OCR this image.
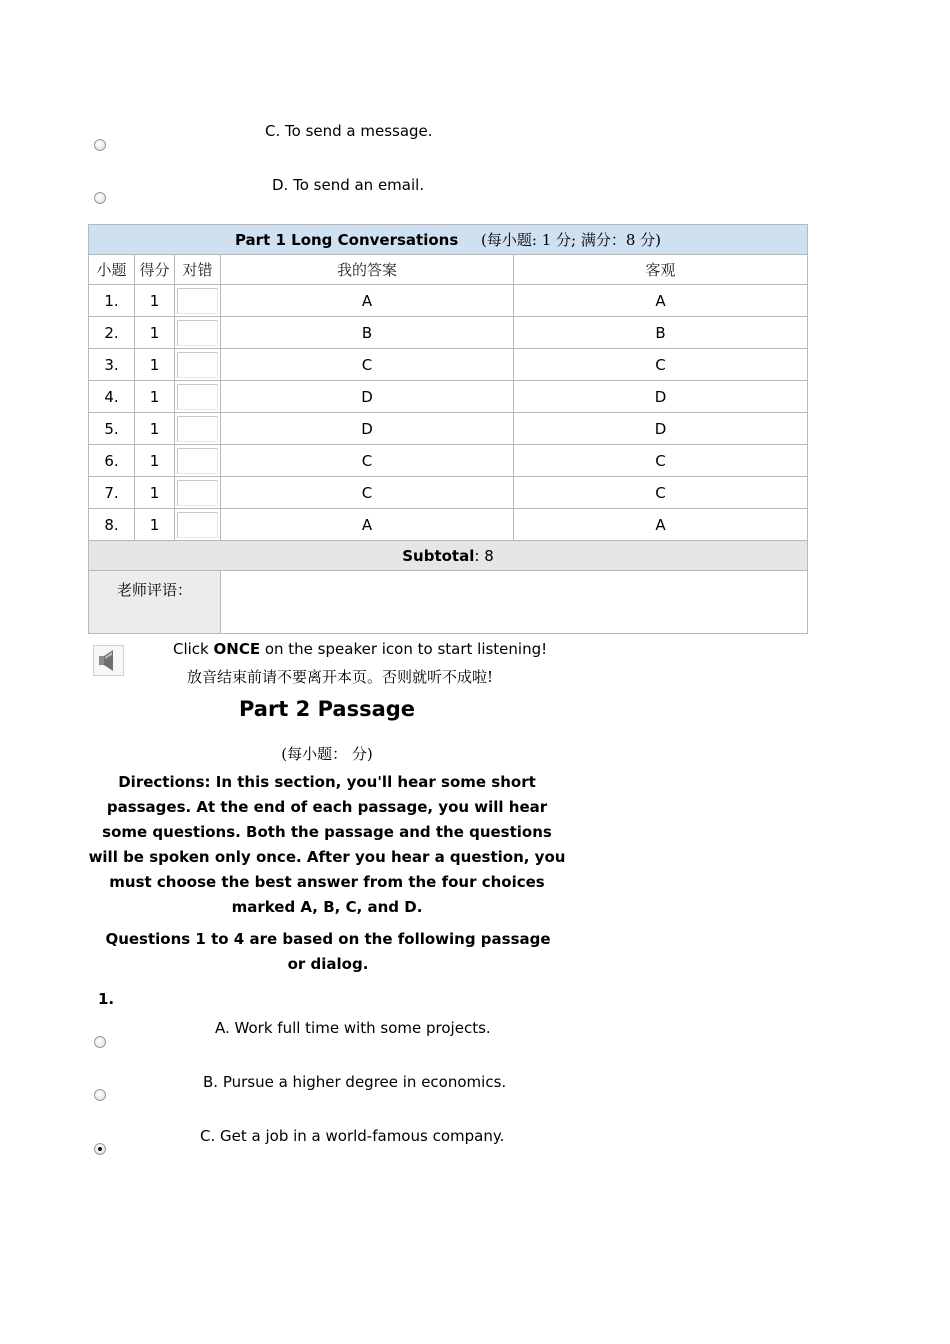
C. To send a message.
D. To send an email.
Part 1 Long Conversations (每小题: 1 分; 满分：8 分)				
小题	得分	对错	我的答案	客观
1.	1		A	A
2.	1		B	B
3.	1		C	C
4.	1		D	D
5.	1		D	D
6.	1		C	C
7.	1		C	C
8.	1		A	A
Subtotal: 8				
老师评语：				
Click ONCE on the speaker icon to start listening!
放音结束前请不要离开本页。否则就听不成啦!
Part 2 Passage
(每小题： 分)
Directions: In this section, you'll hear some short passages. At the end of each passage, you will hear some questions. Both the passage and the questions will be spoken only once. After you hear a question, you must choose the best answer from the four choices marked A, B, C, and D.
Questions 1 to 4 are based on the following passage or dialog.
1.
A. Work full time with some projects.
B. Pursue a higher degree in economics.
C. Get a job in a world-famous company.
